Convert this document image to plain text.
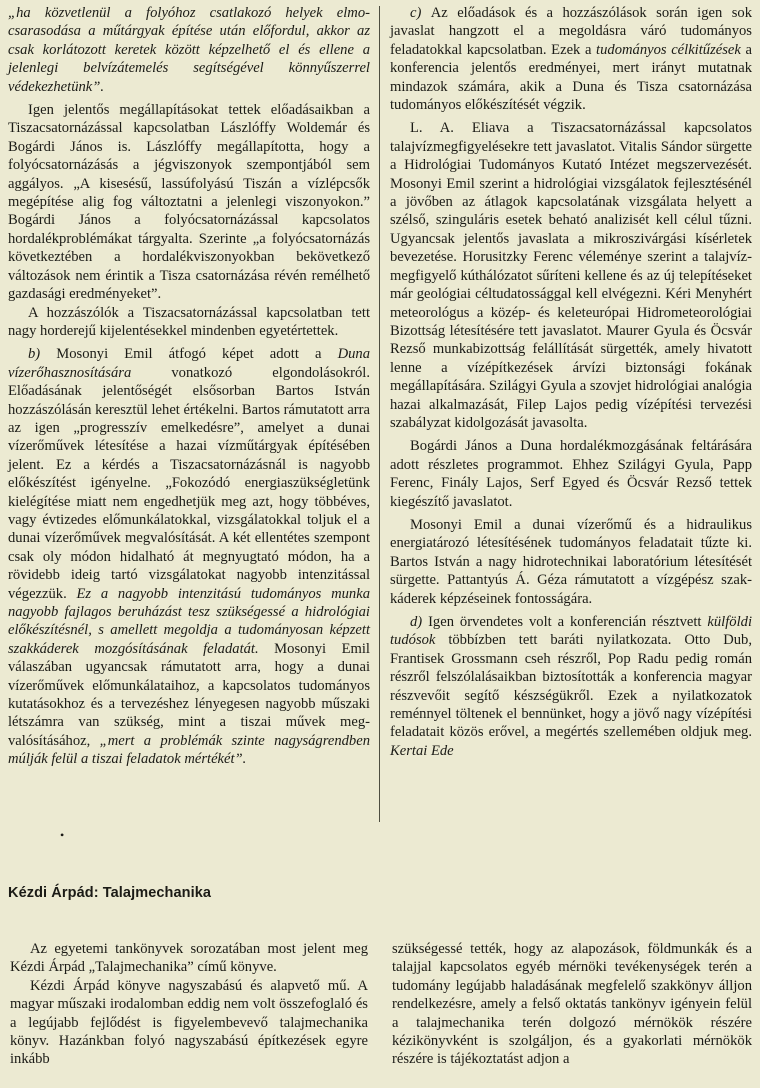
„ha közvetlenül a folyóhoz csatlakozó helyek elmocsarasodása a műtárgyak építése után előfordul, akkor az csak korlátozott keretek között képzelhető el és ellene a jelenlegi belvízátemelés segítségével könnyűszerrel védekezhetünk”.

Igen jelentős megállapításokat tettek előadásaikban a Tiszacsatornázással kapcsolatban Lászlóffy Woldemár és Bogárdi János is. Lászlóffy megállapította, hogy a folyócsatornázásás a jégviszonyok szempontjából sem aggályos. „A kisesésű, lassúfolyású Tiszán a vízlépcsők megépítése alig fog változtatni a jelenlegi viszonyokon.” Bogárdi János a folyócsatornázással kapcsolatos hordalékproblémákat tárgyalta. Szerinte „a folyócsatornázás következtében a hordalékviszonyokban bekövetkező változások nem érintik a Tisza csatornázása révén remélhető gazdasági eredményeket”.

A hozzászólók a Tiszacsatornázással kapcsolatban tett nagy horderejű kijelentésekkel mindenben egyetértettek.

b) Mosonyi Emil átfogó képet adott a Duna vízerőhasznosítására vonatkozó elgondolásokról. Előadásának jelentőségét elsősorban Bartos István hozzászólásán keresztül lehet értékelni. Bartos rámutatott arra az igen „progresszív emelkedésre”, amelyet a dunai vízerőművek létesítése a hazai vízműtárgyak építésében jelent. Ez a kérdés a Tiszacsatornázásnál is nagyobb előkészítést igényelne. „Fokozódó energiaszükségletünk kielégítése miatt nem engedhetjük meg azt, hogy többéves, vagy évtizedes előmunkálatokkal, vizsgálatokkal toljuk el a dunai vízerőművek megvalósítását. A két ellentétes szempont csak oly módon hidalható át megnyugtató módon, ha a rövidebb ideig tartó vizsgálatokat nagyobb intenzitással végezzük. Ez a nagyobb intenzitású tudományos munka nagyobb fajlagos beruházást tesz szükségessé a hidrológiai előkészítésnél, s amellett megoldja a tudományosan képzett szakkáderek mozgósításának feladatát. Mosonyi Emil válaszában ugyancsak rámutatott arra, hogy a dunai vízerőművek előmunkálataihoz, a kapcsolatos tudományos kutatásokhoz és a tervezéshez lényegesen nagyobb műszaki létszámra van szükség, mint a tiszai művek megvalósításához, „mert a problémák szinte nagyságrendben múlják felül a tiszai feladatok mértékét”.

c) Az előadások és a hozzászólások során igen sok javaslat hangzott el a megoldásra váró tudományos feladatokkal kapcsolatban. Ezek a tudományos célkitűzések a konferencia jelentős eredményei, mert irányt mutatnak mindazok számára, akik a Duna és Tisza csatornázása tudományos előkészítését végzik.

L. A. Eliava a Tiszacsatornázással kapcsolatos talajvízmegfigyelésekre tett javaslatot. Vitalis Sándor sürgette a Hidrológiai Tudományos Kutató Intézet megszervezését. Mosonyi Emil szerint a hidrológiai vizsgálatok fejlesztésénél a jövőben az átlagok kapcsolatának vizsgálata helyett a szélső, szinguláris esetek beható analizisét kell célul tűzni. Ugyancsak jelentős javaslata a mikroszivárgási kísérletek bevezetése. Horusitzky Ferenc véleménye szerint a talajvízmegfigyelő kúthálózatot sűríteni kellene és az új telepítéseket már geológiai céltudatossággal kell elvégezni. Kéri Menyhért meteorológus a közép- és keleteurópai Hidrometeorológiai Bizottság létesítésére tett javaslatot. Maurer Gyula és Öcsvár Rezső munkabizottság felállítását sürgették, amely hivatott lenne a vízépítkezések árvízi biztonsági fokának megállapítására. Szilágyi Gyula a szovjet hidrológiai analógia hazai alkalmazását, Filep Lajos pedig vízépítési tervezési szabályzat kidolgozását javasolta.

Bogárdi János a Duna hordalékmozgásának feltárására adott részletes programmot. Ehhez Szilágyi Gyula, Papp Ferenc, Finály Lajos, Serf Egyed és Öcsvár Rezső tettek kiegészítő javaslatot.

Mosonyi Emil a dunai vízerőmű és a hidraulikus energiatározó létesítésének tudományos feladatait tűzte ki. Bartos István a nagy hidrotechnikai laboratórium létesítését sürgette. Pattantyús Á. Géza rámutatott a vízgépész szakkáderek képzéseinek fontosságára.

d) Igen örvendetes volt a konferencián résztvett külföldi tudósok többízben tett baráti nyilatkozata. Otto Dub, Frantisek Grossmann cseh részről, Pop Radu pedig román részről felszólalásaikban biztosították a konferencia magyar részvevőit segítő készségükről. Ezek a nyilatkozatok reménnyel töltenek el bennünket, hogy a jövő nagy vízépítési feladatait közös erővel, a megértés szellemében oldjuk meg. Kertai Ede

•
Kézdi Árpád: Talajmechanika

Az egyetemi tankönyvek sorozatában most jelent meg Kézdi Árpád „Talajmechanika” című könyve.

Kézdi Árpád könyve nagyszabású és alapvető mű. A magyar műszaki irodalomban eddig nem volt összefoglaló és a legújabb fejlődést is figyelembevevő talajmechanika könyv. Hazánkban folyó nagyszabású építkezések egyre inkább

szükségessé tették, hogy az alapozások, földmunkák és a talajjal kapcsolatos egyéb mérnöki tevékenységek terén a tudomány legújabb haladásának megfelelő szakkönyv álljon rendelkezésre, amely a felső oktatás tankönyv igényein felül a talajmechanika terén dolgozó mérnökök részére kézikönyvként is szolgáljon, és a gyakorlati mérnökök részére is tájékoztatást adjon a
